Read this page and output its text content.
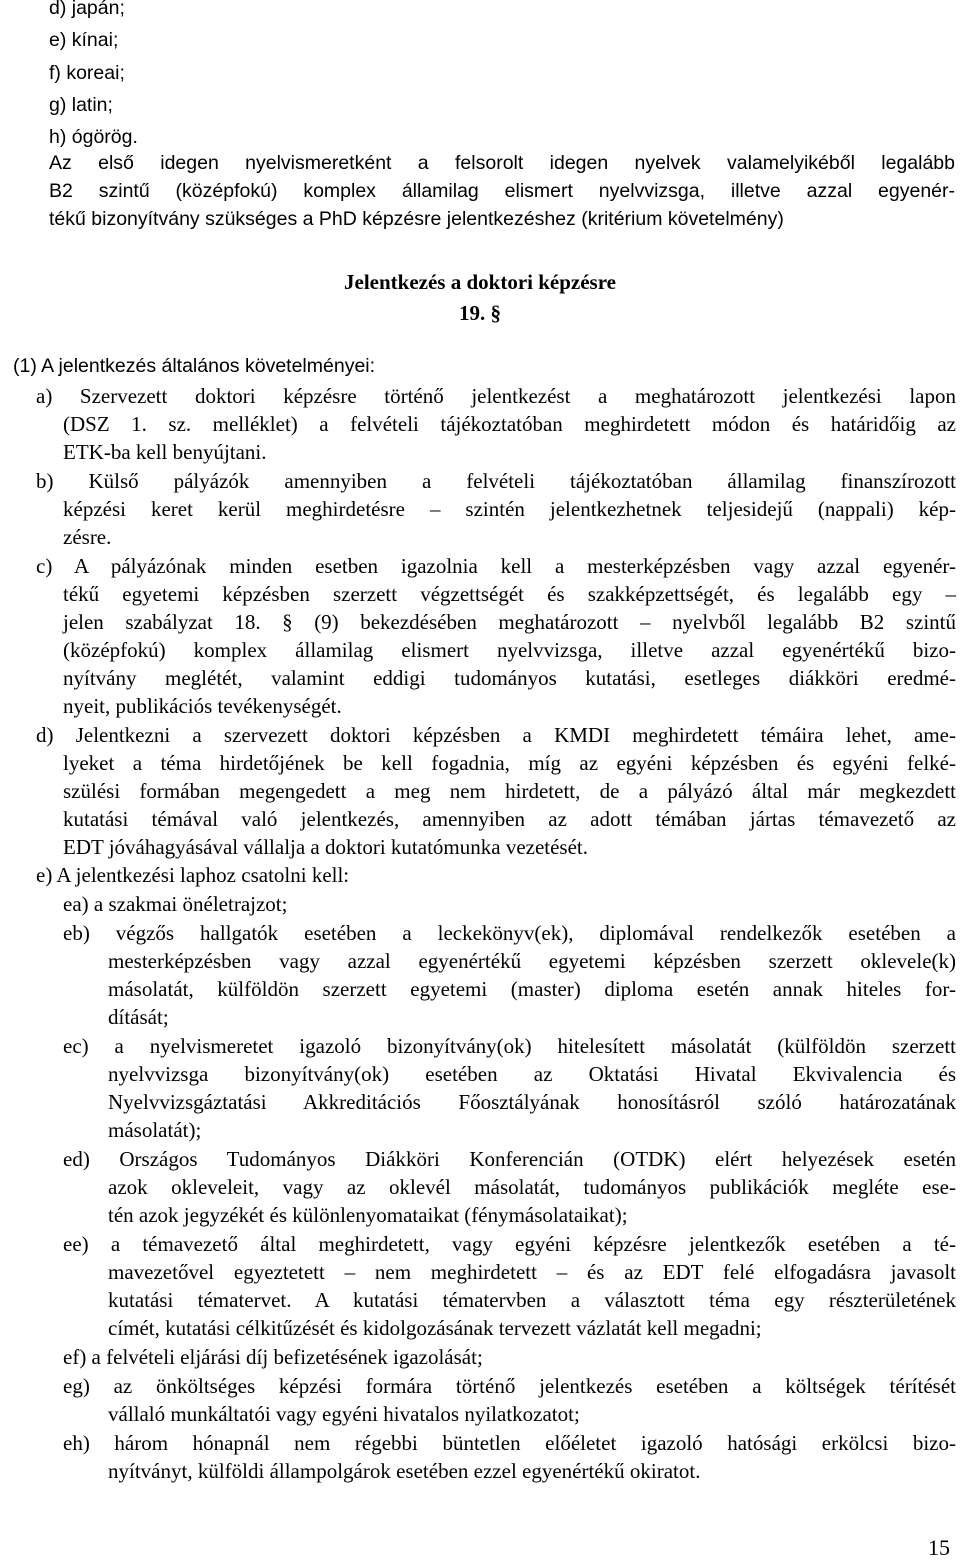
d) japán;
e) kínai;
f) koreai;
g) latin;
h) ógörög.
Az első idegen nyelvismeretként a felsorolt idegen nyelvek valamelyikéből legalább
B2 szintű (középfokú) komplex államilag elismert nyelvvizsga, illetve azzal egyenér-
tékű bizonyítvány szükséges a PhD képzésre jelentkezéshez (kritérium követelmény)
Jelentkezés a doktori képzésre
19. §
(1) A jelentkezés általános követelményei:
a) Szervezett doktori képzésre történő jelentkezést a meghatározott jelentkezési lapon
(DSZ 1. sz. melléklet) a felvételi tájékoztatóban meghirdetett módon és határidőig az
ETK-ba kell benyújtani.
b) Külső pályázók amennyiben a felvételi tájékoztatóban államilag finanszírozott
képzési keret kerül meghirdetésre – szintén jelentkezhetnek teljesidejű (nappali) kép-
zésre.
c) A pályázónak minden esetben igazolnia kell a mesterképzésben vagy azzal egyenér-
tékű egyetemi képzésben szerzett végzettségét és szakképzettségét, és legalább egy –
jelen szabályzat 18. § (9) bekezdésében meghatározott – nyelvből legalább B2 szintű
(középfokú) komplex államilag elismert nyelvvizsga, illetve azzal egyenértékű bizo-
nyítvány meglétét, valamint eddigi tudományos kutatási, esetleges diákköri eredmé-
nyeit, publikációs tevékenységét.
d) Jelentkezni a szervezett doktori képzésben a KMDI meghirdetett témáira lehet, ame-
lyeket a téma hirdetőjének be kell fogadnia, míg az egyéni képzésben és egyéni felké-
szülési formában megengedett a meg nem hirdetett, de a pályázó által már megkezdett
kutatási témával való jelentkezés, amennyiben az adott témában jártas témavezető az
EDT jóváhagyásával vállalja a doktori kutatómunka vezetését.
e) A jelentkezési laphoz csatolni kell:
ea) a szakmai önéletrajzot;
eb) végzős hallgatók esetében a leckekönyv(ek), diplomával rendelkezők esetében a
mesterképzésben vagy azzal egyenértékű egyetemi képzésben szerzett oklevele(k)
másolatát, külföldön szerzett egyetemi (master) diploma esetén annak hiteles for-
dítását;
ec) a nyelvismeretet igazoló bizonyítvány(ok) hitelesített másolatát (külföldön szerzett
nyelvvizsga bizonyítvány(ok) esetében az Oktatási Hivatal Ekvivalencia és
Nyelvvizsgáztatási Akkreditációs Főosztályának honosításról szóló határozatának
másolatát);
ed) Országos Tudományos Diákköri Konferencián (OTDK) elért helyezések esetén
azok okleveleit, vagy az oklevél másolatát, tudományos publikációk megléte ese-
tén azok jegyzékét és különlenyomataikat (fénymásolataikat);
ee) a témavezető által meghirdetett, vagy egyéni képzésre jelentkezők esetében a té-
mavezetővel egyeztetett – nem meghirdetett – és az EDT felé elfogadásra javasolt
kutatási tématervet. A kutatási tématervben a választott téma egy részterületének
címét, kutatási célkitűzését és kidolgozásának tervezett vázlatát kell megadni;
ef) a felvételi eljárási díj befizetésének igazolását;
eg) az önköltséges képzési formára történő jelentkezés esetében a költségek térítését
vállaló munkáltatói vagy egyéni hivatalos nyilatkozatot;
eh) három hónapnál nem régebbi büntetlen előéletet igazoló hatósági erkölcsi bizo-
nyítványt, külföldi állampolgárok esetében ezzel egyenértékű okiratot.
15
